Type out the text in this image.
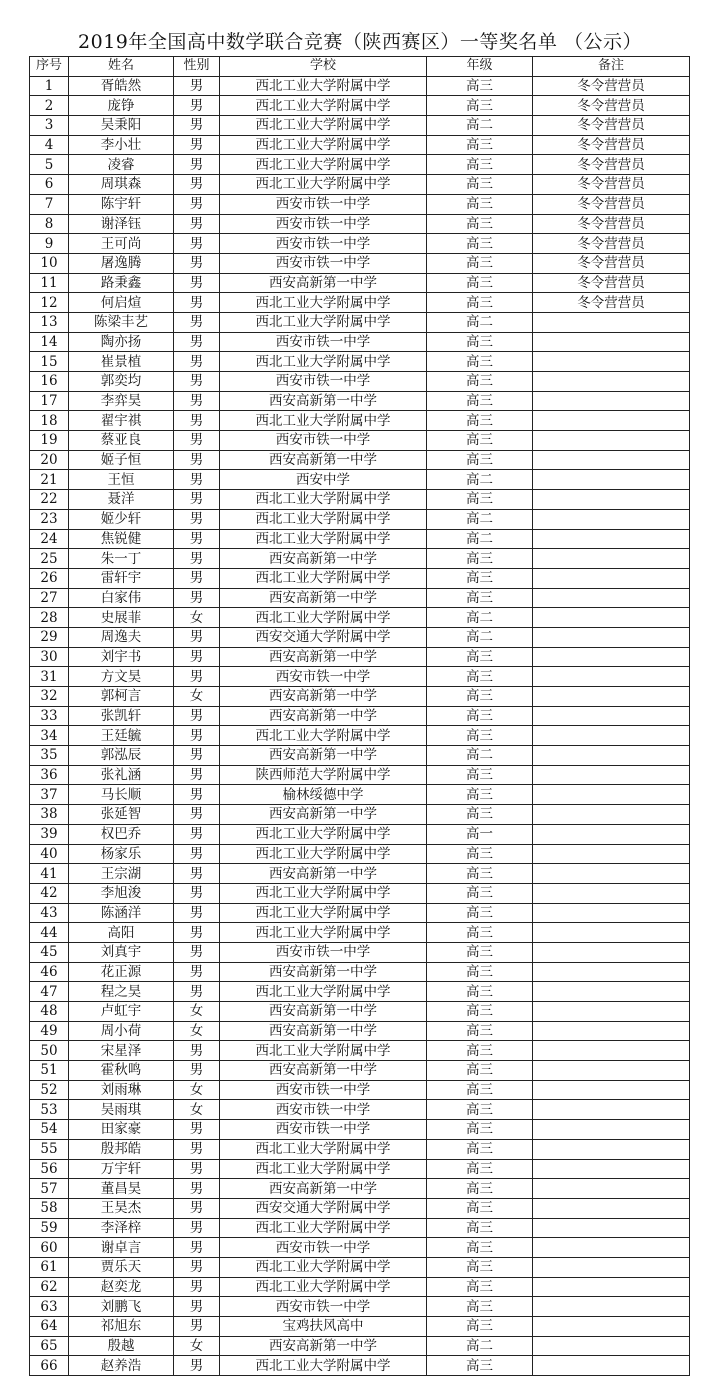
2019年全国高中数学联合竞赛（陕西赛区）一等奖名单 （公示）
序号	姓名	性别	学校	年级	备注
1	胥皓然	男	西北工业大学附属中学	高三	冬令营营员
2	庞铮	男	西北工业大学附属中学	高三	冬令营营员
3	吴秉阳	男	西北工业大学附属中学	高二	冬令营营员
4	李小壮	男	西北工业大学附属中学	高三	冬令营营员
5	凌睿	男	西北工业大学附属中学	高三	冬令营营员
6	周琪森	男	西北工业大学附属中学	高三	冬令营营员
7	陈宇轩	男	西安市铁一中学	高三	冬令营营员
8	谢泽钰	男	西安市铁一中学	高三	冬令营营员
9	王可尚	男	西安市铁一中学	高三	冬令营营员
10	屠逸腾	男	西安市铁一中学	高三	冬令营营员
11	路秉鑫	男	西安高新第一中学	高三	冬令营营员
12	何启煊	男	西北工业大学附属中学	高三	冬令营营员
13	陈梁丰艺	男	西北工业大学附属中学	高二	
14	陶亦扬	男	西安市铁一中学	高三	
15	崔景植	男	西北工业大学附属中学	高三	
16	郭奕均	男	西安市铁一中学	高三	
17	李弈昊	男	西安高新第一中学	高三	
18	翟宇祺	男	西北工业大学附属中学	高三	
19	蔡亚良	男	西安市铁一中学	高三	
20	姬子恒	男	西安高新第一中学	高三	
21	王恒	男	西安中学	高二	
22	聂洋	男	西北工业大学附属中学	高三	
23	姬少轩	男	西北工业大学附属中学	高二	
24	焦锐健	男	西北工业大学附属中学	高二	
25	朱一丁	男	西安高新第一中学	高三	
26	雷轩宇	男	西北工业大学附属中学	高三	
27	白家伟	男	西安高新第一中学	高三	
28	史展菲	女	西北工业大学附属中学	高二	
29	周逸夫	男	西安交通大学附属中学	高二	
30	刘宇书	男	西安高新第一中学	高三	
31	方文昊	男	西安市铁一中学	高三	
32	郭柯言	女	西安高新第一中学	高三	
33	张凯轩	男	西安高新第一中学	高三	
34	王廷毓	男	西北工业大学附属中学	高三	
35	郭泓辰	男	西安高新第一中学	高二	
36	张礼涵	男	陕西师范大学附属中学	高三	
37	马长顺	男	榆林绥德中学	高三	
38	张延智	男	西安高新第一中学	高三	
39	权巴乔	男	西北工业大学附属中学	高一	
40	杨家乐	男	西北工业大学附属中学	高三	
41	王宗湖	男	西安高新第一中学	高三	
42	李旭浚	男	西北工业大学附属中学	高三	
43	陈涵洋	男	西北工业大学附属中学	高三	
44	高阳	男	西北工业大学附属中学	高三	
45	刘真宇	男	西安市铁一中学	高三	
46	花正源	男	西安高新第一中学	高三	
47	程之昊	男	西北工业大学附属中学	高三	
48	卢虹宇	女	西安高新第一中学	高三	
49	周小荷	女	西安高新第一中学	高三	
50	宋星泽	男	西北工业大学附属中学	高三	
51	霍秋鸣	男	西安高新第一中学	高三	
52	刘雨琳	女	西安市铁一中学	高三	
53	吴雨琪	女	西安市铁一中学	高三	
54	田家豪	男	西安市铁一中学	高三	
55	殷邦皓	男	西北工业大学附属中学	高三	
56	万宇轩	男	西北工业大学附属中学	高三	
57	董昌昊	男	西安高新第一中学	高三	
58	王昊杰	男	西安交通大学附属中学	高三	
59	李泽梓	男	西北工业大学附属中学	高三	
60	谢卓言	男	西安市铁一中学	高三	
61	贾乐天	男	西北工业大学附属中学	高三	
62	赵奕龙	男	西北工业大学附属中学	高三	
63	刘鹏飞	男	西安市铁一中学	高三	
64	祁旭东	男	宝鸡扶风高中	高三	
65	殷越	女	西安高新第一中学	高二	
66	赵养浩	男	西北工业大学附属中学	高三	
